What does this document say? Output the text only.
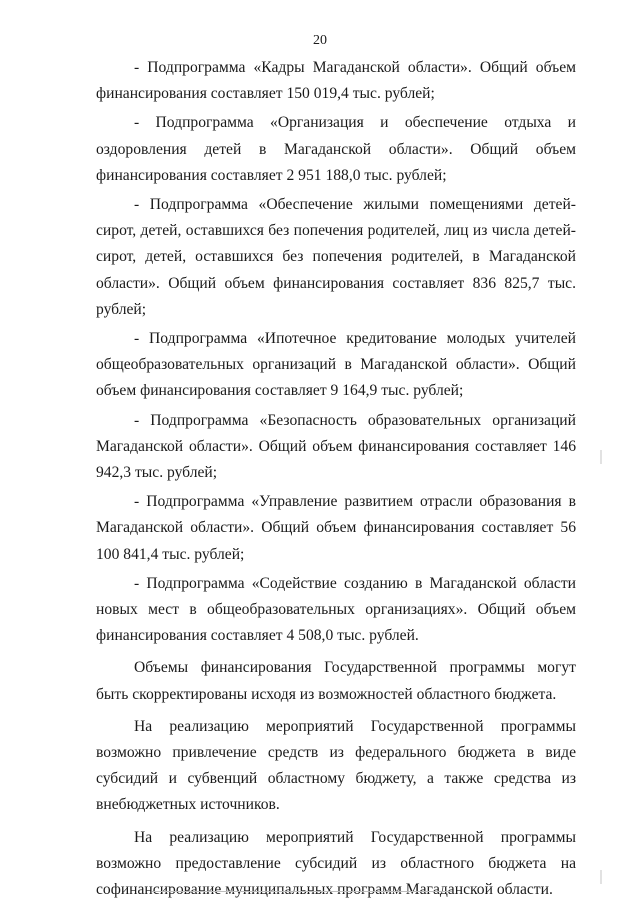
20

- Подпрограмма «Кадры Магаданской области». Общий объем финансирования составляет 150 019,4 тыс. рублей;

- Подпрограмма «Организация и обеспечение отдыха и оздоровления детей в Магаданской области». Общий объем финансирования составляет 2 951 188,0 тыс. рублей;

- Подпрограмма «Обеспечение жилыми помещениями детей-сирот, детей, оставшихся без попечения родителей, лиц из числа детей-сирот, детей, оставшихся без попечения родителей, в Магаданской области». Общий объем финансирования составляет 836 825,7 тыс. рублей;

- Подпрограмма «Ипотечное кредитование молодых учителей общеобразовательных организаций в Магаданской области». Общий объем финансирования составляет 9 164,9 тыс. рублей;

- Подпрограмма «Безопасность образовательных организаций Магаданской области». Общий объем финансирования составляет 146 942,3 тыс. рублей;

- Подпрограмма «Управление развитием отрасли образования в Магаданской области». Общий объем финансирования составляет 56 100 841,4 тыс. рублей;

- Подпрограмма «Содействие созданию в Магаданской области новых мест в общеобразовательных организациях». Общий объем финансирования составляет 4 508,0 тыс. рублей.

Объемы финансирования Государственной программы могут быть скорректированы исходя из возможностей областного бюджета.

На реализацию мероприятий Государственной программы возможно привлечение средств из федерального бюджета в виде субсидий и субвенций областному бюджету, а также средства из внебюджетных источников.

На реализацию мероприятий Государственной программы возможно предоставление субсидий из областного бюджета на софинансирование муниципальных программ Магаданской области.
